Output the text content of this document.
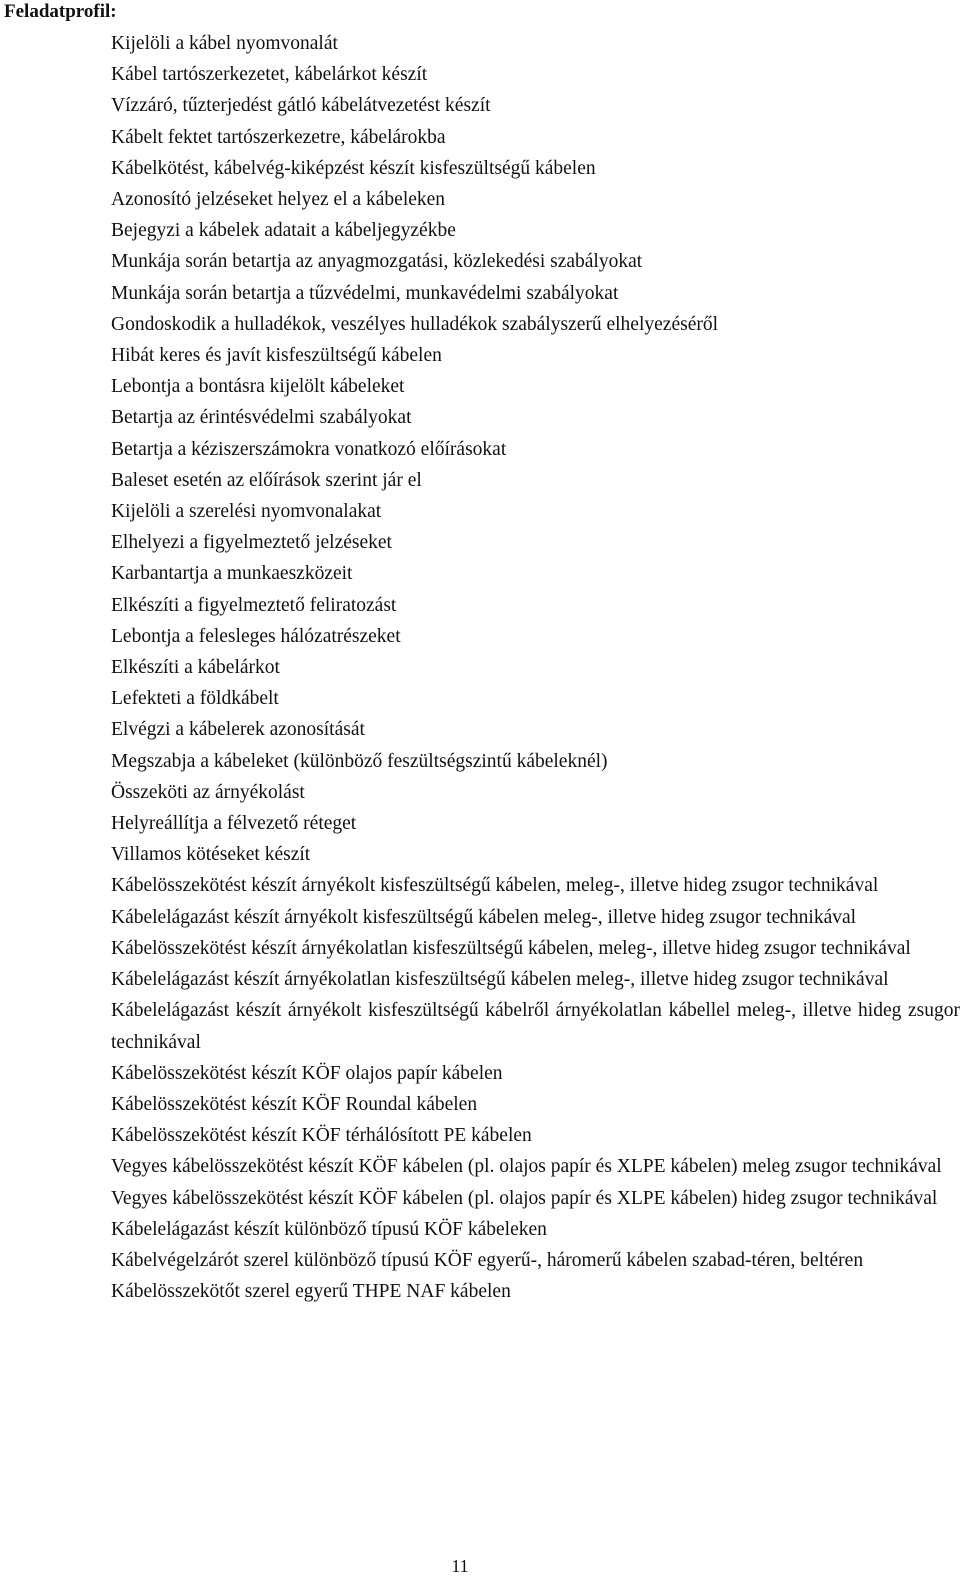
Feladatprofil:
Kijelöli a kábel nyomvonalát
Kábel tartószerkezetet, kábelárkot készít
Vízzáró, tűzterjedést gátló kábelátvezetést készít
Kábelt fektet tartószerkezetre, kábelárokba
Kábelkötést, kábelvég-kiképzést készít kisfeszültségű kábelen
Azonosító jelzéseket helyez el a kábeleken
Bejegyzi a kábelek adatait a kábeljegyzékbe
Munkája során betartja az anyagmozgatási, közlekedési szabályokat
Munkája során betartja a tűzvédelmi, munkavédelmi szabályokat
Gondoskodik a hulladékok, veszélyes hulladékok szabályszerű elhelyezéséről
Hibát keres és javít kisfeszültségű kábelen
Lebontja a bontásra kijelölt kábeleket
Betartja az érintésvédelmi szabályokat
Betartja a kéziszerszámokra vonatkozó előírásokat
Baleset esetén az előírások szerint jár el
Kijelöli a szerelési nyomvonalakat
Elhelyezi a figyelmeztető jelzéseket
Karbantartja a munkaeszközeit
Elkészíti a figyelmeztető feliratozást
Lebontja a felesleges hálózatrészeket
Elkészíti a kábelárkot
Lefekteti a földkábelt
Elvégzi a kábelerek azonosítását
Megszabja a kábeleket (különböző feszültségszintű kábeleknél)
Összeköti az árnyékolást
Helyreállítja a félvezető réteget
Villamos kötéseket készít
Kábelösszekötést készít árnyékolt kisfeszültségű kábelen, meleg-, illetve hideg zsugor technikával
Kábelelágazást készít árnyékolt kisfeszültségű kábelen meleg-, illetve hideg zsugor technikával
Kábelösszekötést készít árnyékolatlan kisfeszültségű kábelen, meleg-, illetve hideg zsugor technikával
Kábelelágazást készít árnyékolatlan kisfeszültségű kábelen meleg-, illetve hideg zsugor technikával
Kábelelágazást készít árnyékolt kisfeszültségű kábelről árnyékolatlan kábellel meleg-, illetve hideg zsugor technikával
Kábelösszekötést készít KÖF olajos papír kábelen
Kábelösszekötést készít KÖF Roundal kábelen
Kábelösszekötést készít KÖF térhálósított PE kábelen
Vegyes kábelösszekötést készít KÖF kábelen (pl. olajos papír és XLPE kábelen) meleg zsugor technikával
Vegyes kábelösszekötést készít KÖF kábelen (pl. olajos papír és XLPE kábelen) hideg zsugor technikával
Kábelelágazást készít különböző típusú KÖF kábeleken
Kábelvégelzárót szerel különböző típusú KÖF egyerű-, háromerű kábelen szabad-téren, beltéren
Kábelösszekötőt szerel egyerű THPE NAF kábelen
11
